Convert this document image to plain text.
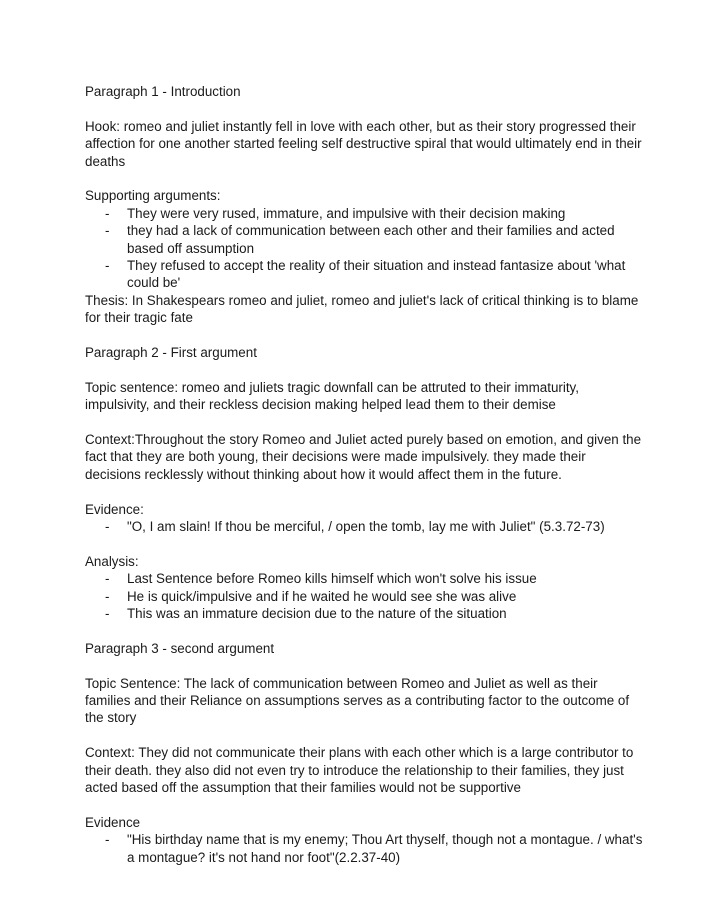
Paragraph 1 - Introduction

Hook: romeo and juliet instantly fell in love with each other, but as their story progressed their affection for one another started feeling self destructive spiral that would ultimately end in their deaths

Supporting arguments:

- They were very rused, immature, and impulsive with their decision making
- they had a lack of communication between each other and their families and acted based off assumption
- They refused to accept the reality of their situation and instead fantasize about 'what could be'

Thesis: In Shakespears romeo and juliet, romeo and juliet's lack of critical thinking is to blame for their tragic fate

Paragraph 2 - First argument

Topic sentence: romeo and juliets tragic downfall can be attruted to their immaturity, impulsivity, and their reckless decision making helped lead them to their demise

Context:Throughout the story Romeo and Juliet acted purely based on emotion, and given the fact that they are both young, their decisions were made impulsively. they made their decisions recklessly without thinking about how it would affect them in the future.

Evidence:

- "O, I am slain! If thou be merciful, / open the tomb, lay me with Juliet" (5.3.72-73)

Analysis:

- Last Sentence before Romeo kills himself which won't solve his issue
- He is quick/impulsive and if he waited he would see she was alive
- This was an immature decision due to the nature of the situation

Paragraph 3 - second argument

Topic Sentence: The lack of communication between Romeo and Juliet as well as their families and their Reliance on assumptions serves as a contributing factor to the outcome of the story

Context: They did not communicate their plans with each other which is a large contributor to their death. they also did not even try to introduce the relationship to their families, they just acted based off the assumption that their families would not be supportive

Evidence

- "His birthday name that is my enemy; Thou Art thyself, though not a montague. / what's a montague? it's not hand nor foot"(2.2.37-40)
